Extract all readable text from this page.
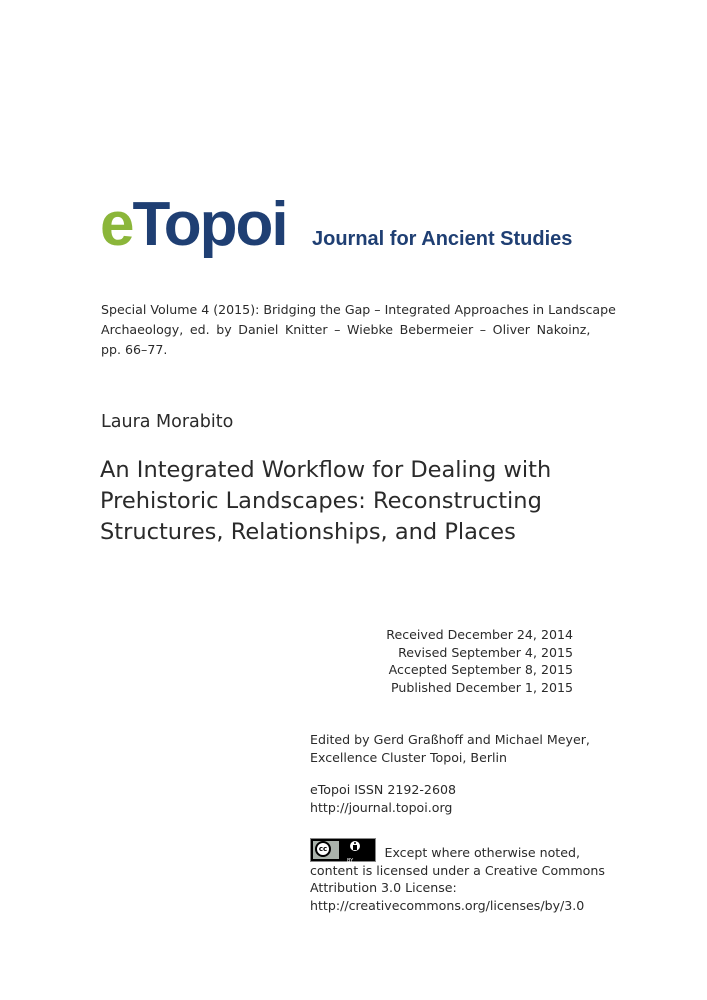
eTopoi Journal for Ancient Studies
Special Volume 4 (2015): Bridging the Gap – Integrated Approaches in Landscape
Archaeology, ed. by Daniel Knitter – Wiebke Bebermeier – Oliver Nakoinz,
pp. 66–77.
Laura Morabito
An Integrated Workflow for Dealing with
Prehistoric Landscapes: Reconstructing
Structures, Relationships, and Places
Received December 24, 2014
Revised September 4, 2015
Accepted September 8, 2015
Published December 1, 2015
Edited by Gerd Graßhoff and Michael Meyer,
Excellence Cluster Topoi, Berlin
eTopoi ISSN 2192-2608
http://journal.topoi.org
cc
BY
Except where otherwise noted,
content is licensed under a Creative Commons
Attribution 3.0 License:
http://creativecommons.org/licenses/by/3.0
